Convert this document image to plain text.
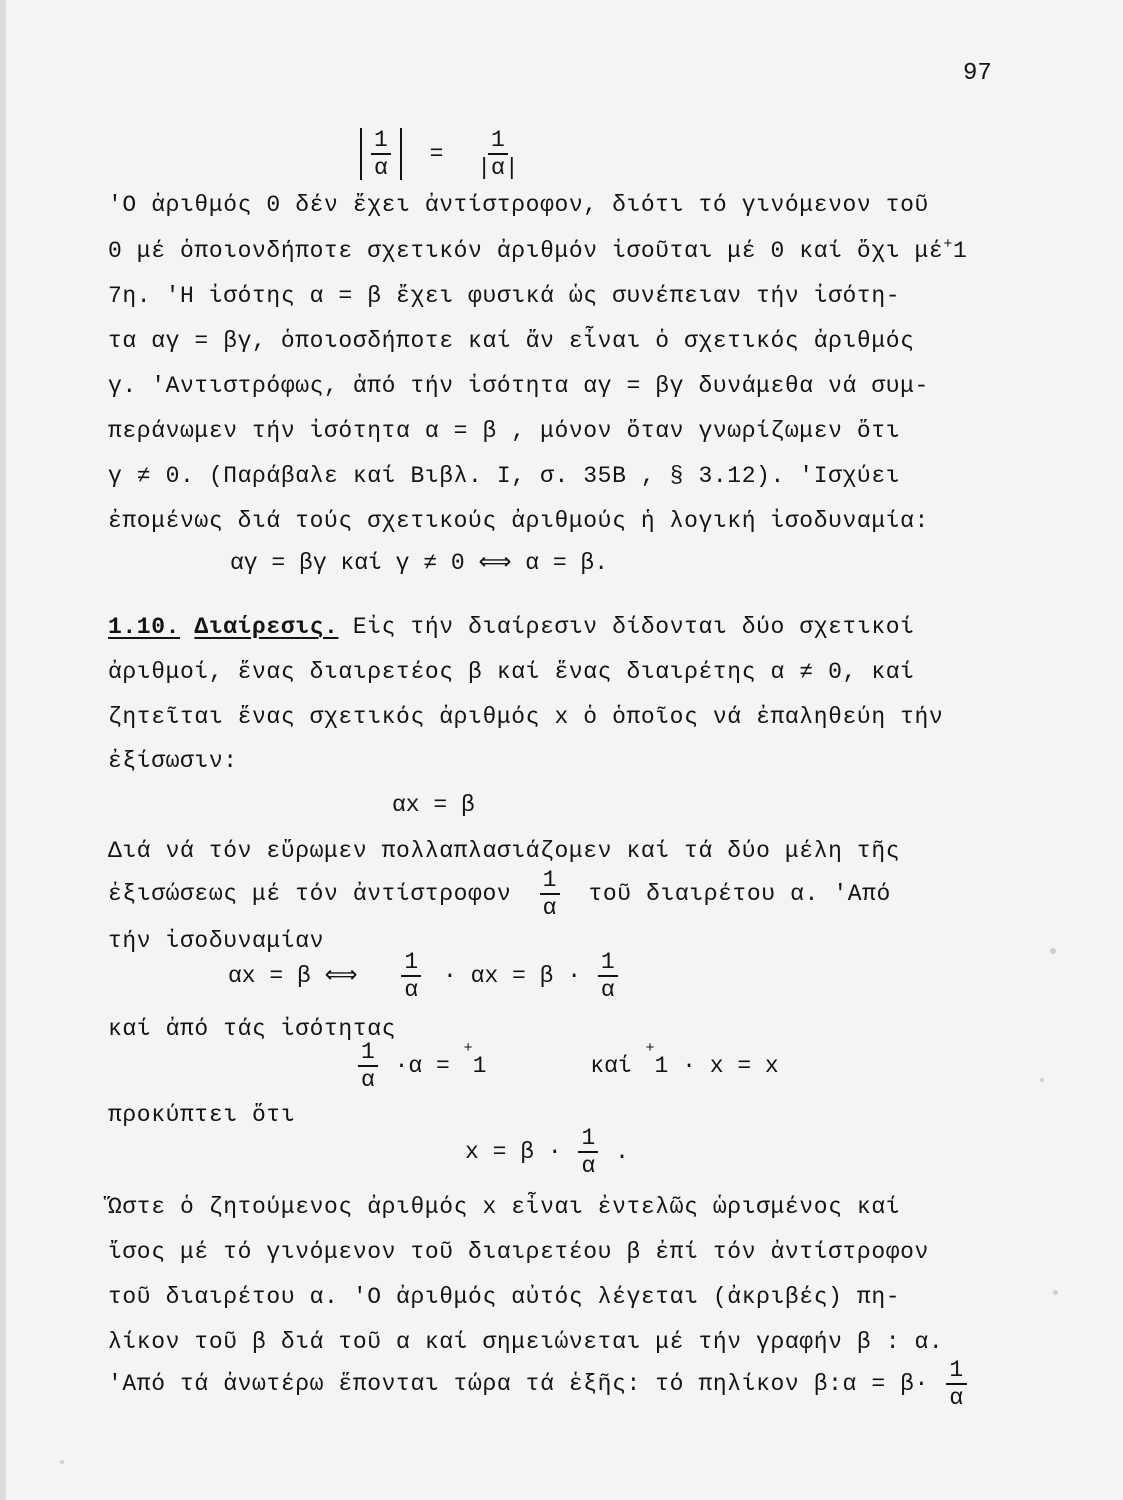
97
$\frac{1}{\alpha} = \frac{1}{|\alpha|}$
'O ἀριθμός 0 δέν ἔχει ἀντίστροφον, διότι τό γινόμενον τοῦ
0 μέ ὁποιονδήποτε σχετικόν ἀριθμόν ἰσοῦται μέ 0 καί ὄχι μέ+1
7η. 'Η ἰσότης α = β ἔχει φυσικά ὡς συνέπειαν τήν ἰσότη-
τα αγ = βγ, ὁποιοσδήποτε καί ἄν εἶναι ὁ σχετικός ἀριθμός
γ. 'Αντιστρόφως, ἀπό τήν ἰσότητα αγ = βγ δυνάμεθα νά συμ-
περάνωμεν τήν ἰσότητα α = β , μόνον ὅταν γνωρίζωμεν ὅτι
γ ≠ 0. (Παράβαλε καί Βιβλ. I, σ. 35B , § 3.12). 'Ισχύει
ἐπομένως διά τούς σχετικούς ἀριθμούς ἡ λογική ἰσοδυναμία:
αγ = βγ καί γ ≠ 0 ⟺ α = β.
1.10. Διαίρεσις. Εἰς τήν διαίρεσιν δίδονται δύο σχετικοί
ἀριθμοί, ἕνας διαιρετέος β καί ἕνας διαιρέτης α ≠ 0, καί
ζητεῖται ἕνας σχετικός ἀριθμός x ὁ ὁποῖος νά ἐπαληθεύη τήν
ἐξίσωσιν:
αx = β
Διά νά τόν εὕρωμεν πολλαπλασιάζομεν καί τά δύο μέλη τῆς
ἐξισώσεως μέ τόν ἀντίστροφον $\frac{1}{\alpha}$ τοῦ διαιρέτου α. 'Από
τήν ἰσοδυναμίαν
αx = β ⟺ $\frac{1}{\alpha} \cdot \alpha x = \beta \cdot \frac{1}{\alpha}$
καί ἀπό τάς ἰσότητας
$\frac{1}{\alpha} \cdot\alpha = ^+1$	καί +1 · x = x
προκύπτει ὅτι
$x = \beta \cdot \frac{1}{\alpha}$ .
Ὥστε ὁ ζητούμενος ἀριθμός x εἶναι ἐντελῶς ὡρισμένος καί
ἴσος μέ τό γινόμενον τοῦ διαιρετέου β ἐπί τόν ἀντίστροφον
τοῦ διαιρέτου α. 'O ἀριθμός αὐτός λέγεται (ἀκριβές) πη-
λίκον τοῦ β διά τοῦ α καί σημειώνεται μέ τήν γραφήν β : α.
'Από τά ἀνωτέρω ἕπονται τώρα τά ἑξῆς: τό πηλίκον β:α = $\beta\cdot \frac{1}{\alpha}$
